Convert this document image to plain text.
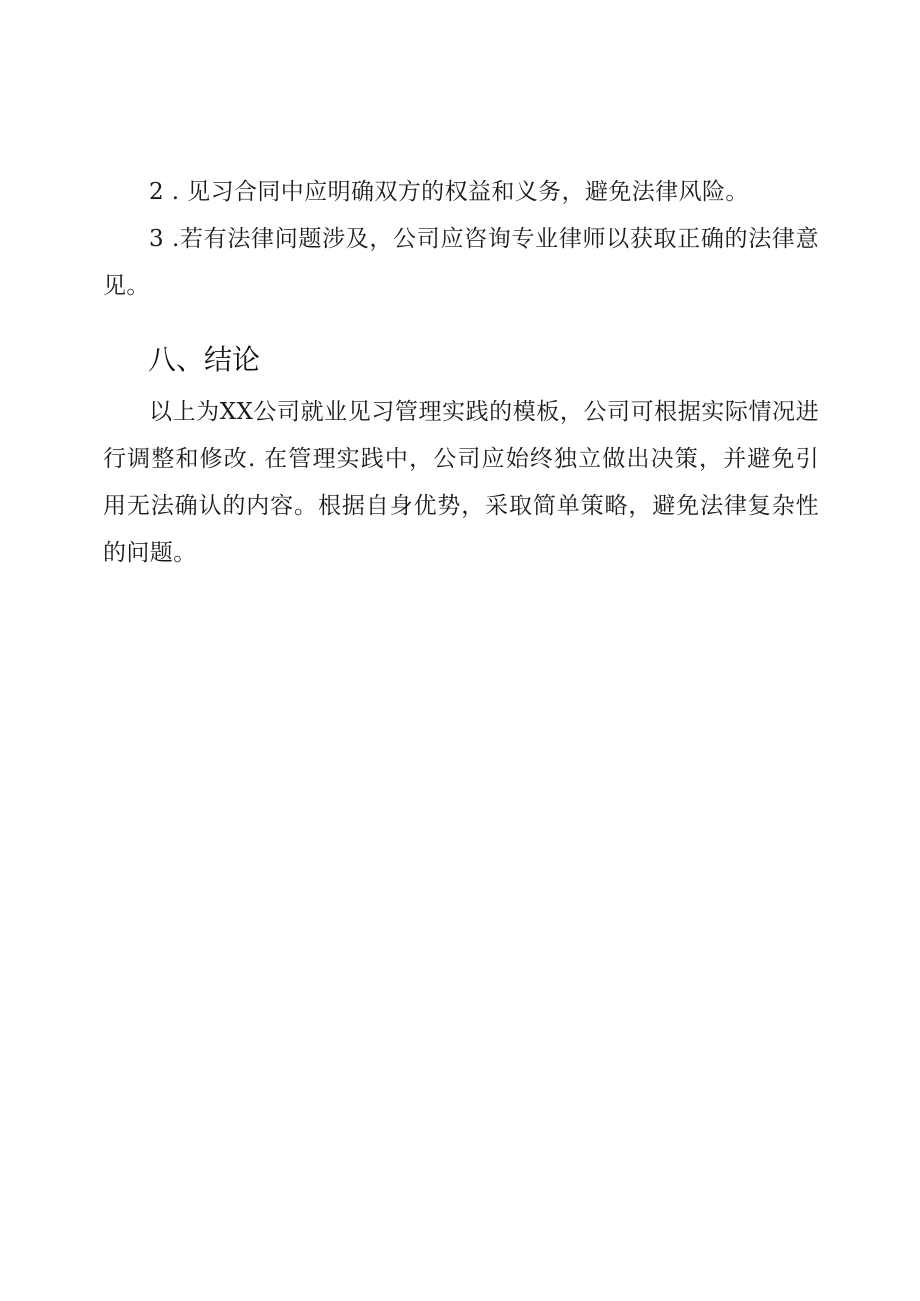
2 . 见习合同中应明确双方的权益和义务，避免法律风险。

3 .若有法律问题涉及，公司应咨询专业律师以获取正确的法律意见。

八、结论

以上为XX公司就业见习管理实践的模板，公司可根据实际情况进行调整和修改. 在管理实践中，公司应始终独立做出决策，并避免引用无法确认的内容。根据自身优势，采取简单策略，避免法律复杂性的问题。
